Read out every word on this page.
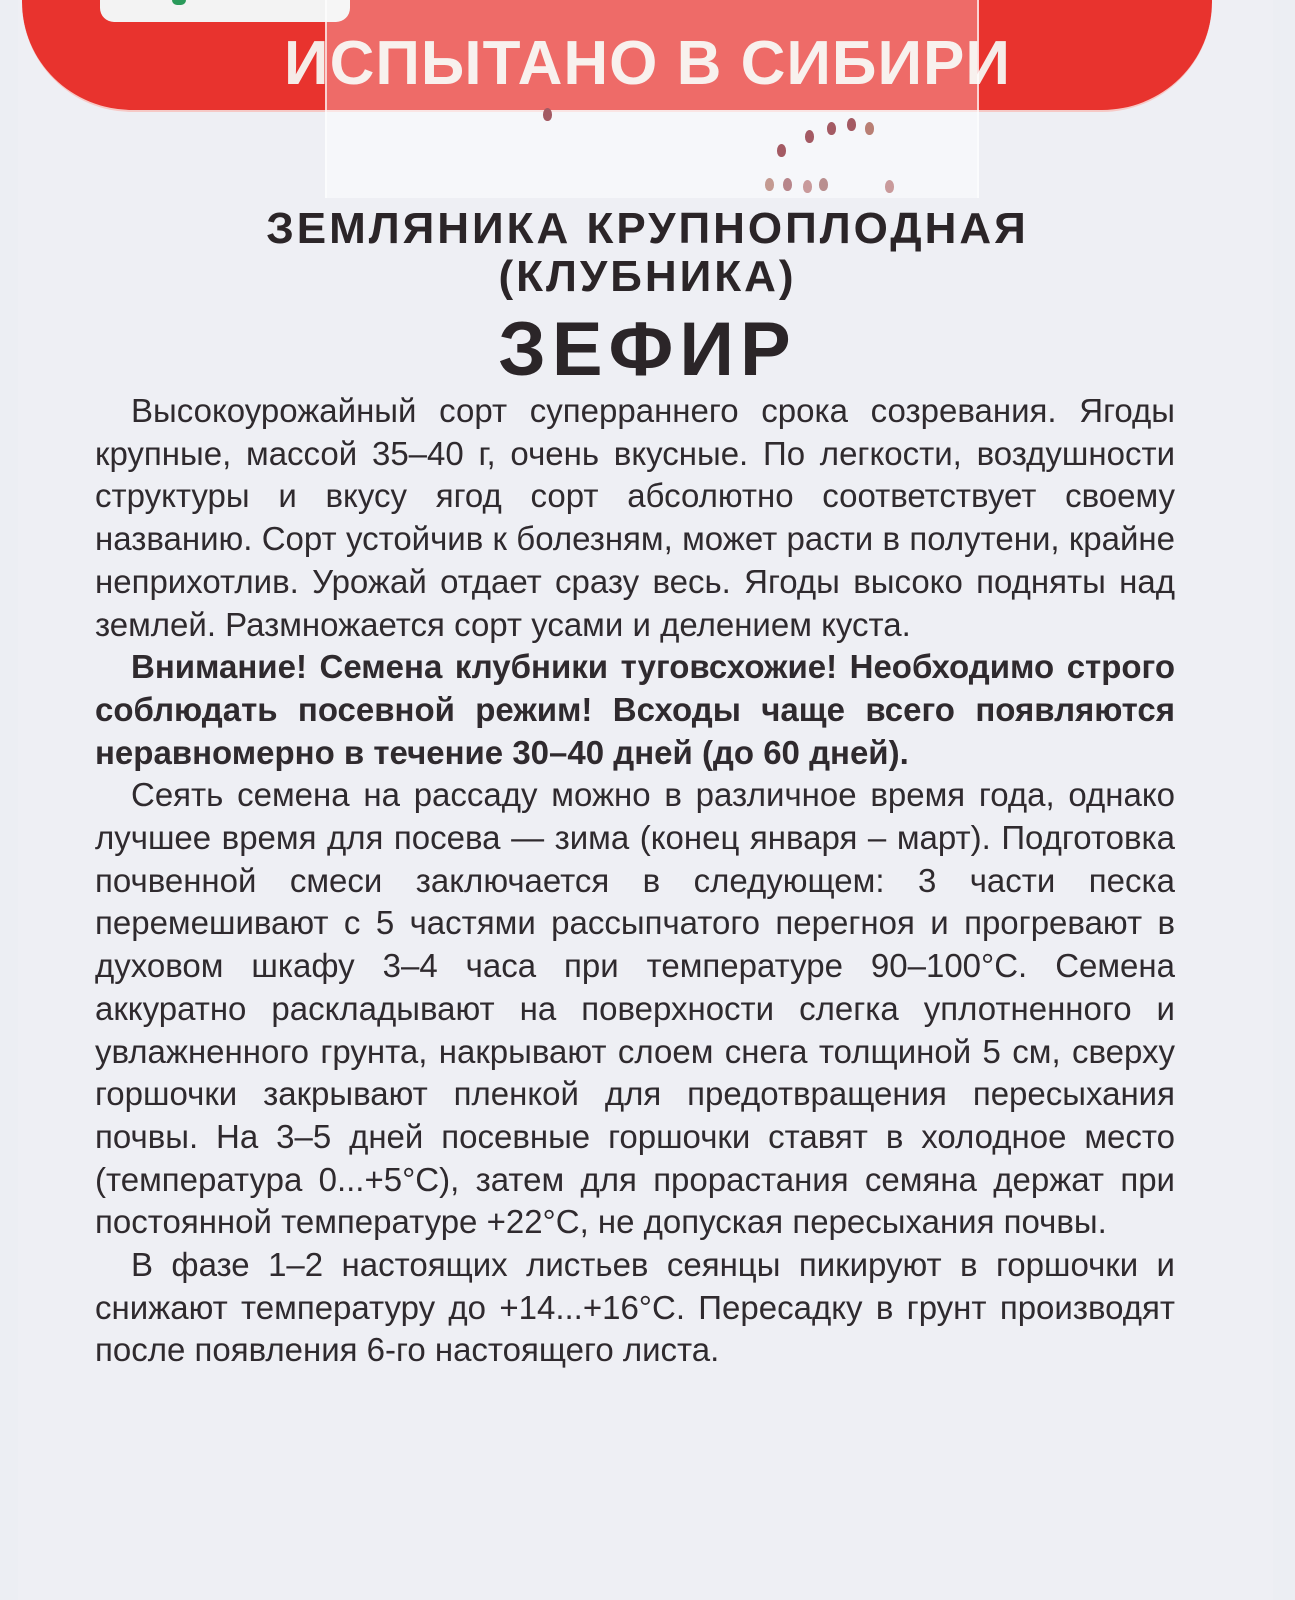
ИСПЫТАНО В СИБИРИ
ЗЕМЛЯНИКА КРУПНОПЛОДНАЯ
(КЛУБНИКА)
ЗЕФИР

Высокоурожайный сорт суперраннего срока созревания. Ягоды крупные, массой 35–40 г, очень вкусные. По легкости, воздушности структуры и вкусу ягод сорт абсолютно соответствует своему названию. Сорт устойчив к болезням, может расти в полутени, крайне неприхотлив. Урожай отдает сразу весь. Ягоды высоко подняты над землей. Размножается сорт усами и делением куста.

Внимание! Семена клубники туговсхожие! Необходимо строго соблюдать посевной режим! Всходы чаще всего появляются неравномерно в течение 30–40 дней (до 60 дней).

Сеять семена на рассаду можно в различное время года, однако лучшее время для посева — зима (конец января – март). Подготовка почвенной смеси заключается в следующем: 3 части песка перемешивают с 5 частями рассыпчатого перегноя и прогревают в духовом шкафу 3–4 часа при температуре 90–100°С. Семена аккуратно раскладывают на поверхности слегка уплотненного и увлажненного грунта, накрывают слоем снега толщиной 5 см, сверху горшочки закрывают пленкой для предотвращения пересыхания почвы. На 3–5 дней посевные горшочки ставят в холодное место (температура 0...+5°С), затем для прорастания семяна держат при постоянной температуре +22°С, не допуская пересыхания почвы.

В фазе 1–2 настоящих листьев сеянцы пикируют в горшочки и снижают температуру до +14...+16°С. Пересадку в грунт производят после появления 6-го настоящего листа.
